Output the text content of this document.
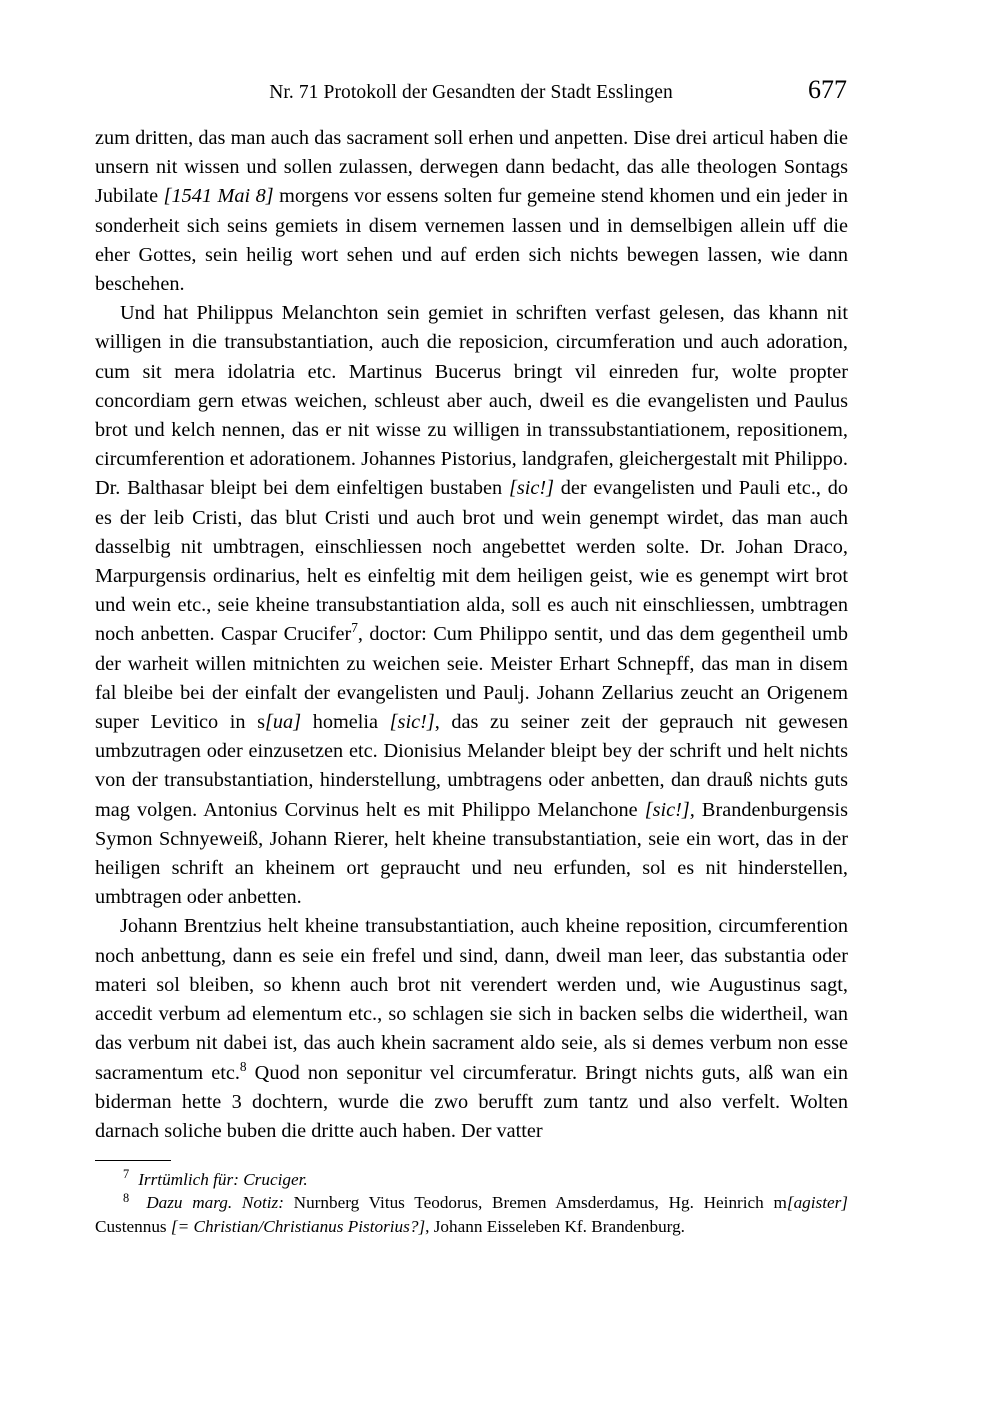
Nr. 71 Protokoll der Gesandten der Stadt Esslingen	677

zum dritten, das man auch das sacrament soll erhen und anpetten. Dise drei articul haben die unsern nit wissen und sollen zulassen, derwegen dann bedacht, das alle theologen Sontags Jubilate [1541 Mai 8] morgens vor essens solten fur gemeine stend khomen und ein jeder in sonderheit sich seins gemiets in disem vernemen lassen und in demselbigen allein uff die eher Gottes, sein heilig wort sehen und auf erden sich nichts bewegen lassen, wie dann beschehen.

Und hat Philippus Melanchton sein gemiet in schriften verfast gelesen, das khann nit willigen in die transubstantiation, auch die reposicion, circumferation und auch adoration, cum sit mera idolatria etc. Martinus Bucerus bringt vil einreden fur, wolte propter concordiam gern etwas weichen, schleust aber auch, dweil es die evangelisten und Paulus brot und kelch nennen, das er nit wisse zu willigen in transsubstantiationem, repositionem, circumferention et adorationem. Johannes Pistorius, landgrafen, gleichergestalt mit Philippo. Dr. Balthasar bleipt bei dem einfeltigen bustaben [sic!] der evangelisten und Pauli etc., do es der leib Cristi, das blut Cristi und auch brot und wein genempt wirdet, das man auch dasselbig nit umbtragen, einschliessen noch angebettet werden solte. Dr. Johan Draco, Marpurgensis ordinarius, helt es einfeltig mit dem heiligen geist, wie es genempt wirt brot und wein etc., seie kheine transubstantiation alda, soll es auch nit einschliessen, umbtragen noch anbetten. Caspar Crucifer$^7$, doctor: Cum Philippo sentit, und das dem gegentheil umb der warheit willen mitnichten zu weichen seie. Meister Erhart Schnepff, das man in disem fal bleibe bei der einfalt der evangelisten und Paulj. Johann Zellarius zeucht an Origenem super Levitico in s[ua] homelia [sic!], das zu seiner zeit der geprauch nit gewesen umbzutragen oder einzusetzen etc. Dionisius Melander bleipt bey der schrift und helt nichts von der transubstantiation, hinderstellung, umbtragens oder anbetten, dan drauß nichts guts mag volgen. Antonius Corvinus helt es mit Philippo Melanchone [sic!], Brandenburgensis Symon Schnyeweiß, Johann Rierer, helt kheine transubstantiation, seie ein wort, das in der heiligen schrift an kheinem ort gepraucht und neu erfunden, sol es nit hinderstellen, umbtragen oder anbetten.

Johann Brentzius helt kheine transubstantiation, auch kheine reposition, circumferention noch anbettung, dann es seie ein frefel und sind, dann, dweil man leer, das substantia oder materi sol bleiben, so khenn auch brot nit verendert werden und, wie Augustinus sagt, accedit verbum ad elementum etc., so schlagen sie sich in backen selbs die widertheil, wan das verbum nit dabei ist, das auch khein sacrament aldo seie, als si demes verbum non esse sacramentum etc.$^8$ Quod non seponitur vel circumferatur. Bringt nichts guts, alß wan ein biderman hette 3 dochtern, wurde die zwo berufft zum tantz und also verfelt. Wolten darnach soliche buben die dritte auch haben. Der vatter

7 Irrtümlich für: Cruciger.

8 Dazu marg. Notiz: Nurnberg Vitus Teodorus, Bremen Amsderdamus, Hg. Heinrich m[agister] Custennus [= Christian/Christianus Pistorius?], Johann Eisseleben Kf. Brandenburg.
